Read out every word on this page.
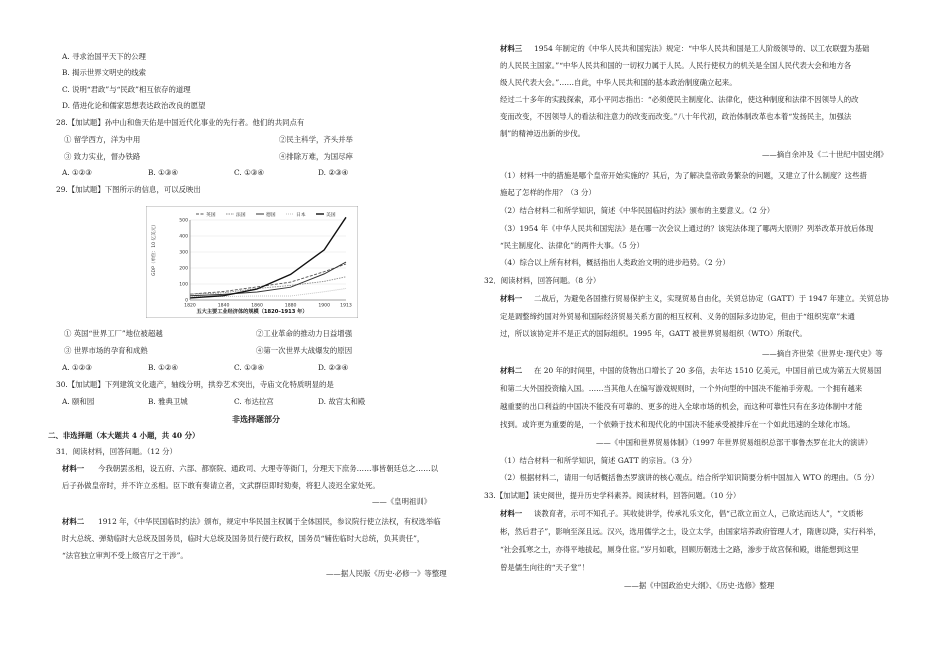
A. 寻求治国平天下的公理
B. 揭示世界文明史的线索
C. 说明“君政”与“民政”相互依存的道理
D. 借进化论和儒家思想表达政治改良的愿望
28.【加试题】孙中山和詹天佑是中国近代化事业的先行者。他们的共同点有
① 留学西方，洋为中用	②民主科学，齐头并举
③ 致力实业，督办铁路	④排除万难，为国尽瘁
A. ①②③	B. ①③④	C. ①③④	D. ②③④
29.【加试题】下图所示的信息，可以反映出
① 英国“世界工厂”地位被超越	②工业革命的推动力日益增强
③ 世界市场的孕育和成熟	④第一次世界大战爆发的原因
A. ①②③	B. ①②④	C. ①③④	D. ②③④
30.【加试题】下列建筑文化遗产，轴线分明，拱券艺术突出，寺庙文化特质明显的是
A. 颐和园	B. 雅典卫城	C. 布达拉宫	D. 故宫太和殿
非选择题部分
二、非选择题（本大题共 4 小题，共 40 分）
31．阅读材料，回答问题。（12 分）
材料一 今我朝罢丞相，设五府、六部、都察院、通政司、大理寺等衙门，分理天下庶务……事皆朝廷总之……以
后子孙做皇帝时，并不许立丞相。臣下敢有奏请立者，文武群臣即时劾奏，将犯人凌迟全家处死。
——《皇明祖训》
材料二 1912 年，《中华民国临时约法》颁布，规定中华民国主权属于全体国民，参议院行使立法权，有权选举临
时大总统、弹劾临时大总统及国务员，临时大总统及国务员行使行政权，国务员“辅佐临时大总统，负其责任”，
“法官独立审判不受上级官厅之干涉”。
——据人民版《历史·必修一》等整理
0
100
200
300
400
500
1820	1840	1860	1880	1900 1913
英国	法国	德国	日本	美国
GDP（单位：10 亿美元）
五大主要工业经济体的规模（1820–1913 年）
材料三 1954 年制定的《中华人民共和国宪法》规定：“中华人民共和国是工人阶级领导的、以工农联盟为基础
的人民民主国家。”“中华人民共和国的一切权力属于人民。人民行使权力的机关是全国人民代表大会和地方各
级人民代表大会。”……自此，中华人民共和国的基本政治制度确立起来。
经过二十多年的实践探索，邓小平同志指出：“必须使民主制度化、法律化，使这种制度和法律不因领导人的改
变而改变，不因领导人的看法和注意力的改变而改变。”八十年代初，政治体制改革也本着“发扬民主，加强法
制”的精神迈出新的步伐。
——摘自余冲及《二十世纪中国史纲》
（1）材料一中的措施是哪个皇帝开始实施的？其后，为了解决皇帝政务繁杂的问题，又建立了什么制度？这些措
施起了怎样的作用？（3 分）
（2）结合材料二和所学知识，简述《中华民国临时约法》颁布的主要意义。（2 分）
（3）1954 年《中华人民共和国宪法》是在哪一次会议上通过的？该宪法体现了哪两大原则？列举改革开放后体现
“民主制度化、法律化”的两件大事。（5 分）
（4）综合以上所有材料，概括指出人类政治文明的进步趋势。（2 分）
32．阅读材料，回答问题。（8 分）
材料一 二战后，为避免各国推行贸易保护主义，实现贸易自由化，关贸总协定（GATT）于 1947 年建立。关贸总协
定是调整缔约国对外贸易和国际经济贸易关系方面的相互权利、义务的国际多边协定，但由于“组织宪章”未通
过，所以该协定并不是正式的国际组织。1995 年，GATT 被世界贸易组织（WTO）所取代。
——摘自齐世荣《世界史·现代史》等
材料二 在 20 年的时间里，中国的货物出口增长了 20 多倍，去年达 1510 亿美元，中国目前已成为第五大贸易国
和第二大外国投资输入国。……当其他人在编写游戏规则时，一个外向型的中国决不能袖手旁观。一个拥有越来
越重要的出口利益的中国决不能没有可靠的、更多的进入全球市场的机会，而这种可靠性只有在多边体制中才能
找到。或许更为重要的是，一个依赖于技术和现代化的中国决不能承受被排斥在一个如此迅速的全球化市场。
——《中国和世界贸易体制》（1997 年世界贸易组织总部干事鲁杰罗在北大的演讲）
（1）结合材料一和所学知识，简述 GATT 的宗旨。（3 分）
（2）根据材料二，请用一句话概括鲁杰罗演讲的核心观点。结合所学知识简要分析中国加入 WTO 的理由。（5 分）
33.【加试题】读史阅世，提升历史学科素养。阅读材料，回答问题。（10 分）
材料一 谈教育者，示可不知孔子。其收徒讲学，传承礼乐文化，倡“己欲立而立人，己欲达而达人”，“文质彬
彬，然后君子”，影响至深且远。汉兴，选用儒学之士，设立太学，由国家培养政府管理人才，隋唐以降，实行科举，
“社会孤寒之士，亦得平地拔起，厕身仕宦。”岁月如歌，回顾历朝选士之路，渗步于故宫保和殿，谁能想到这里
曾是儒生向往的“天子堂”！
——据《中国政治史大纲》、《历史·选修》整理
